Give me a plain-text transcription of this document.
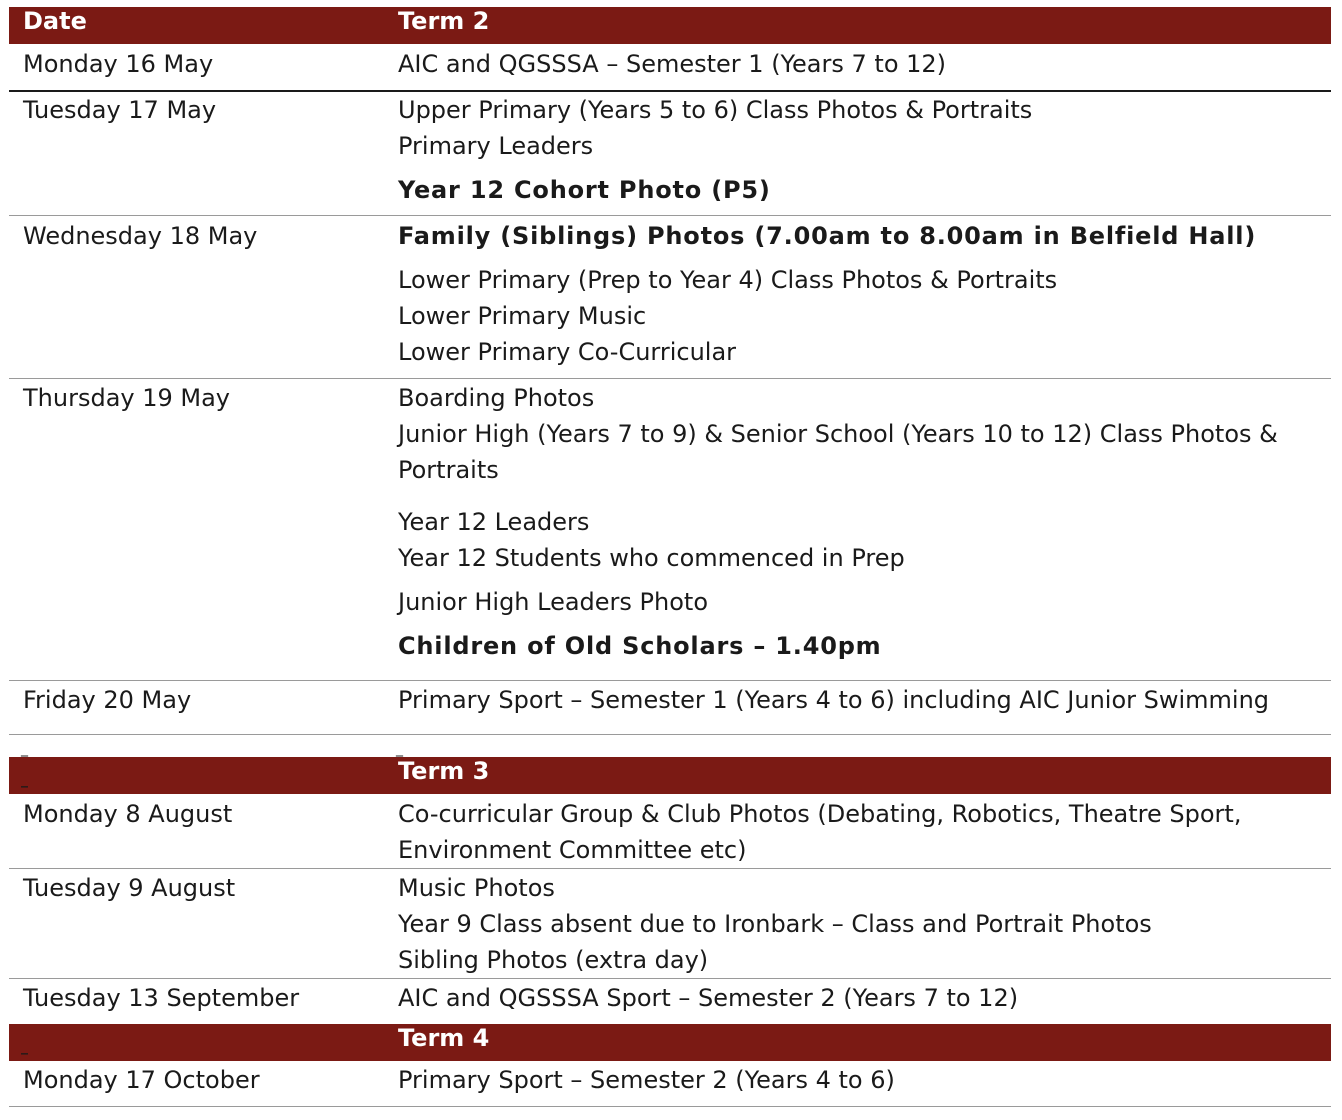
Date	Term 2
Monday 16 May	AIC and QGSSSA – Semester 1 (Years 7 to 12)
Tuesday 17 May	Upper Primary (Years 5 to 6) Class Photos & Portraits
Primary Leaders
Year 12 Cohort Photo (P5)
Wednesday 18 May	Family (Siblings) Photos (7.00am to 8.00am in Belfield Hall)
Lower Primary (Prep to Year 4) Class Photos & Portraits
Lower Primary Music
Lower Primary Co-Curricular
Thursday 19 May	Boarding Photos
Junior High (Years 7 to 9) & Senior School (Years 10 to 12) Class Photos &
Portraits
Year 12 Leaders
Year 12 Students who commenced in Prep
Junior High Leaders Photo
Children of Old Scholars – 1.40pm
Friday 20 May	Primary Sport – Semester 1 (Years 4 to 6) including AIC Junior Swimming
_	_
_	Term 3
Monday 8 August	Co-curricular Group & Club Photos (Debating, Robotics, Theatre Sport,
Environment Committee etc)
Tuesday 9 August	Music Photos
Year 9 Class absent due to Ironbark – Class and Portrait Photos
Sibling Photos (extra day)
Tuesday 13 September	AIC and QGSSSA Sport – Semester 2 (Years 7 to 12)
_	Term 4
Monday 17 October	Primary Sport – Semester 2 (Years 4 to 6)
